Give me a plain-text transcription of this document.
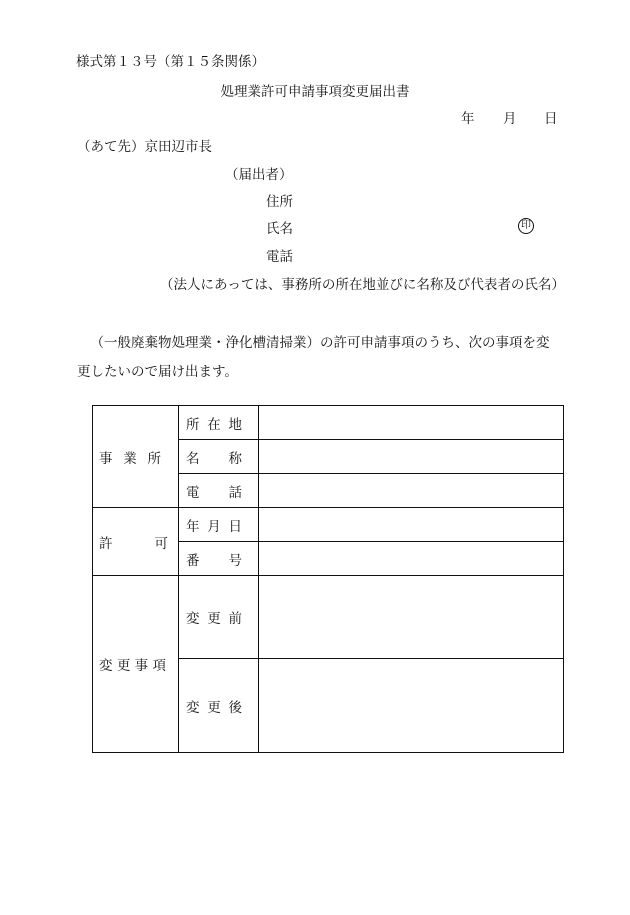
様式第１３号（第１５条関係）
処理業許可申請事項変更届出書
年 月 日
（あて先）京田辺市長
（届出者）
住所
氏名	印
電話
（法人にあっては、事務所の所在地並びに名称及び代表者の氏名）
（一般廃棄物処理業・浄化槽清掃業）の許可申請事項のうち、次の事項を変更したいので届け出ます。
事 業 所	所 在 地	

	名 称	

	電 話	

許 可	年 月 日	

	番 号	

変 更 事 項	変 更 前	

	変 更 後	
